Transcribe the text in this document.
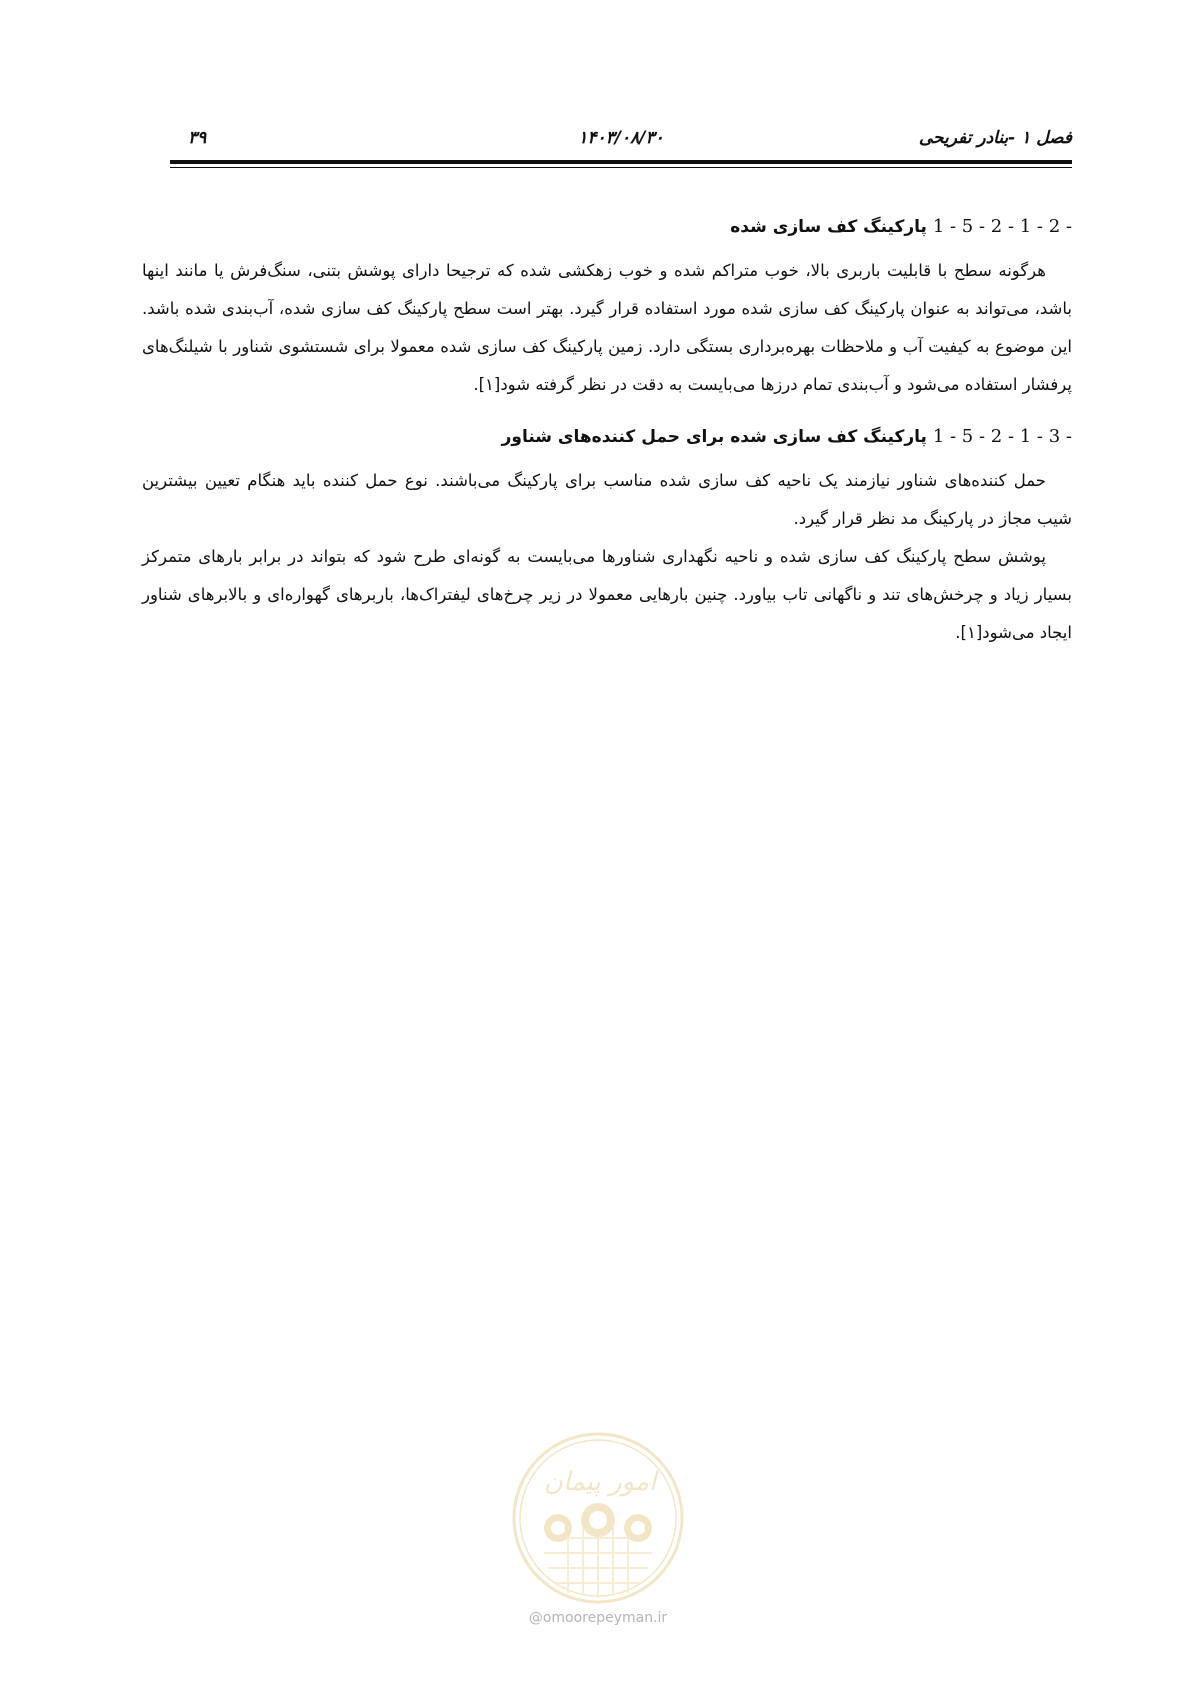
۳۹	۱۴۰۳/۰۸/۳۰	فصل ۱ -بنادر تفریحی
1 - 5 - 2 - 1 - 2 - پارکینگ کف سازی شده

هرگونه سطح با قابلیت باربری بالا، خوب متراکم شده و خوب زهکشی شده که ترجیحا دارای پوشش بتنی، سنگ‌فرش یا مانند اینها باشد، می‌تواند به عنوان پارکینگ کف سازی شده مورد استفاده قرار گیرد. بهتر است سطح پارکینگ کف سازی شده، آب‌بندی شده باشد. این موضوع به کیفیت آب و ملاحظات بهره‌برداری بستگی دارد. زمین پارکینگ کف سازی شده معمولا برای شستشوی شناور با شیلنگ‌های پرفشار استفاده می‌شود و آب‌بندی تمام درزها می‌بایست به دقت در نظر گرفته شود[۱].

1 - 5 - 2 - 1 - 3 - پارکینگ کف سازی شده برای حمل کننده‌های شناور

حمل کننده‌های شناور نیازمند یک ناحیه کف سازی شده مناسب برای پارکینگ می‌باشند. نوع حمل کننده باید هنگام تعیین بیشترین شیب مجاز در پارکینگ مد نظر قرار گیرد.

پوشش سطح پارکینگ کف سازی شده و ناحیه نگهداری شناورها می‌بایست به گونه‌ای طرح شود که بتواند در برابر بارهای متمرکز بسیار زیاد و چرخش‌های تند و ناگهانی تاب بیاورد. چنین بارهایی معمولا در زیر چرخ‌های لیفتراک‌ها، باربرهای گهواره‌ای و بالابرهای شناور ایجاد می‌شود[۱].

امور پیمان
@omoorepeyman.ir
